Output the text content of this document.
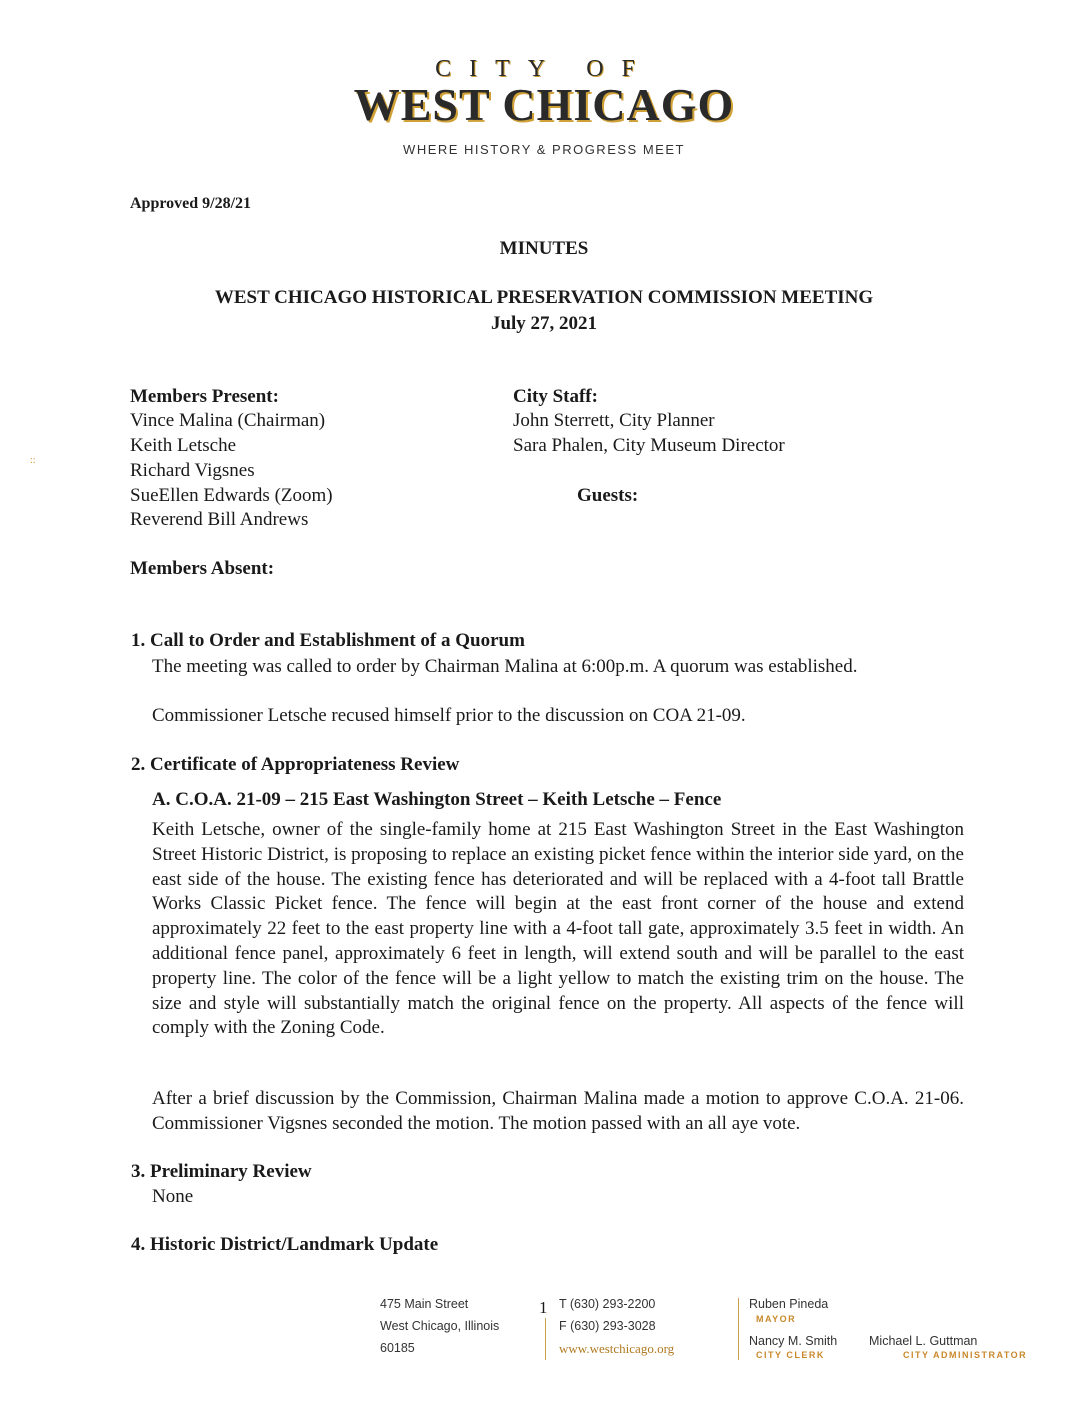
CITY OF
WEST CHICAGO
WHERE HISTORY & PROGRESS MEET
::
Approved 9/28/21
MINUTES
WEST CHICAGO HISTORICAL PRESERVATION COMMISSION MEETING
July 27, 2021
Members Present:
Vince Malina (Chairman)
Keith Letsche
Richard Vigsnes
SueEllen Edwards (Zoom)
Reverend Bill Andrews
City Staff:
John Sterrett, City Planner
Sara Phalen, City Museum Director
Guests:
Members Absent:
1. Call to Order and Establishment of a Quorum
The meeting was called to order by Chairman Malina at 6:00p.m. A quorum was established.
Commissioner Letsche recused himself prior to the discussion on COA 21-09.
2. Certificate of Appropriateness Review
A. C.O.A. 21-09 – 215 East Washington Street – Keith Letsche – Fence
Keith Letsche, owner of the single-family home at 215 East Washington Street in the East Washington Street Historic District, is proposing to replace an existing picket fence within the interior side yard, on the east side of the house. The existing fence has deteriorated and will be replaced with a 4-foot tall Brattle Works Classic Picket fence. The fence will begin at the east front corner of the house and extend approximately 22 feet to the east property line with a 4-foot tall gate, approximately 3.5 feet in width. An additional fence panel, approximately 6 feet in length, will extend south and will be parallel to the east property line. The color of the fence will be a light yellow to match the existing trim on the house. The size and style will substantially match the original fence on the property. All aspects of the fence will comply with the Zoning Code.
After a brief discussion by the Commission, Chairman Malina made a motion to approve C.O.A. 21-06. Commissioner Vigsnes seconded the motion. The motion passed with an all aye vote.
3. Preliminary Review
None
4. Historic District/Landmark Update
475 Main Street
West Chicago, Illinois
60185
1 T (630) 293-2200
F (630) 293-3028
www.westchicago.org
Ruben Pineda
MAYOR
Nancy M. Smith
CITY CLERK
Michael L. Guttman
CITY ADMINISTRATOR
